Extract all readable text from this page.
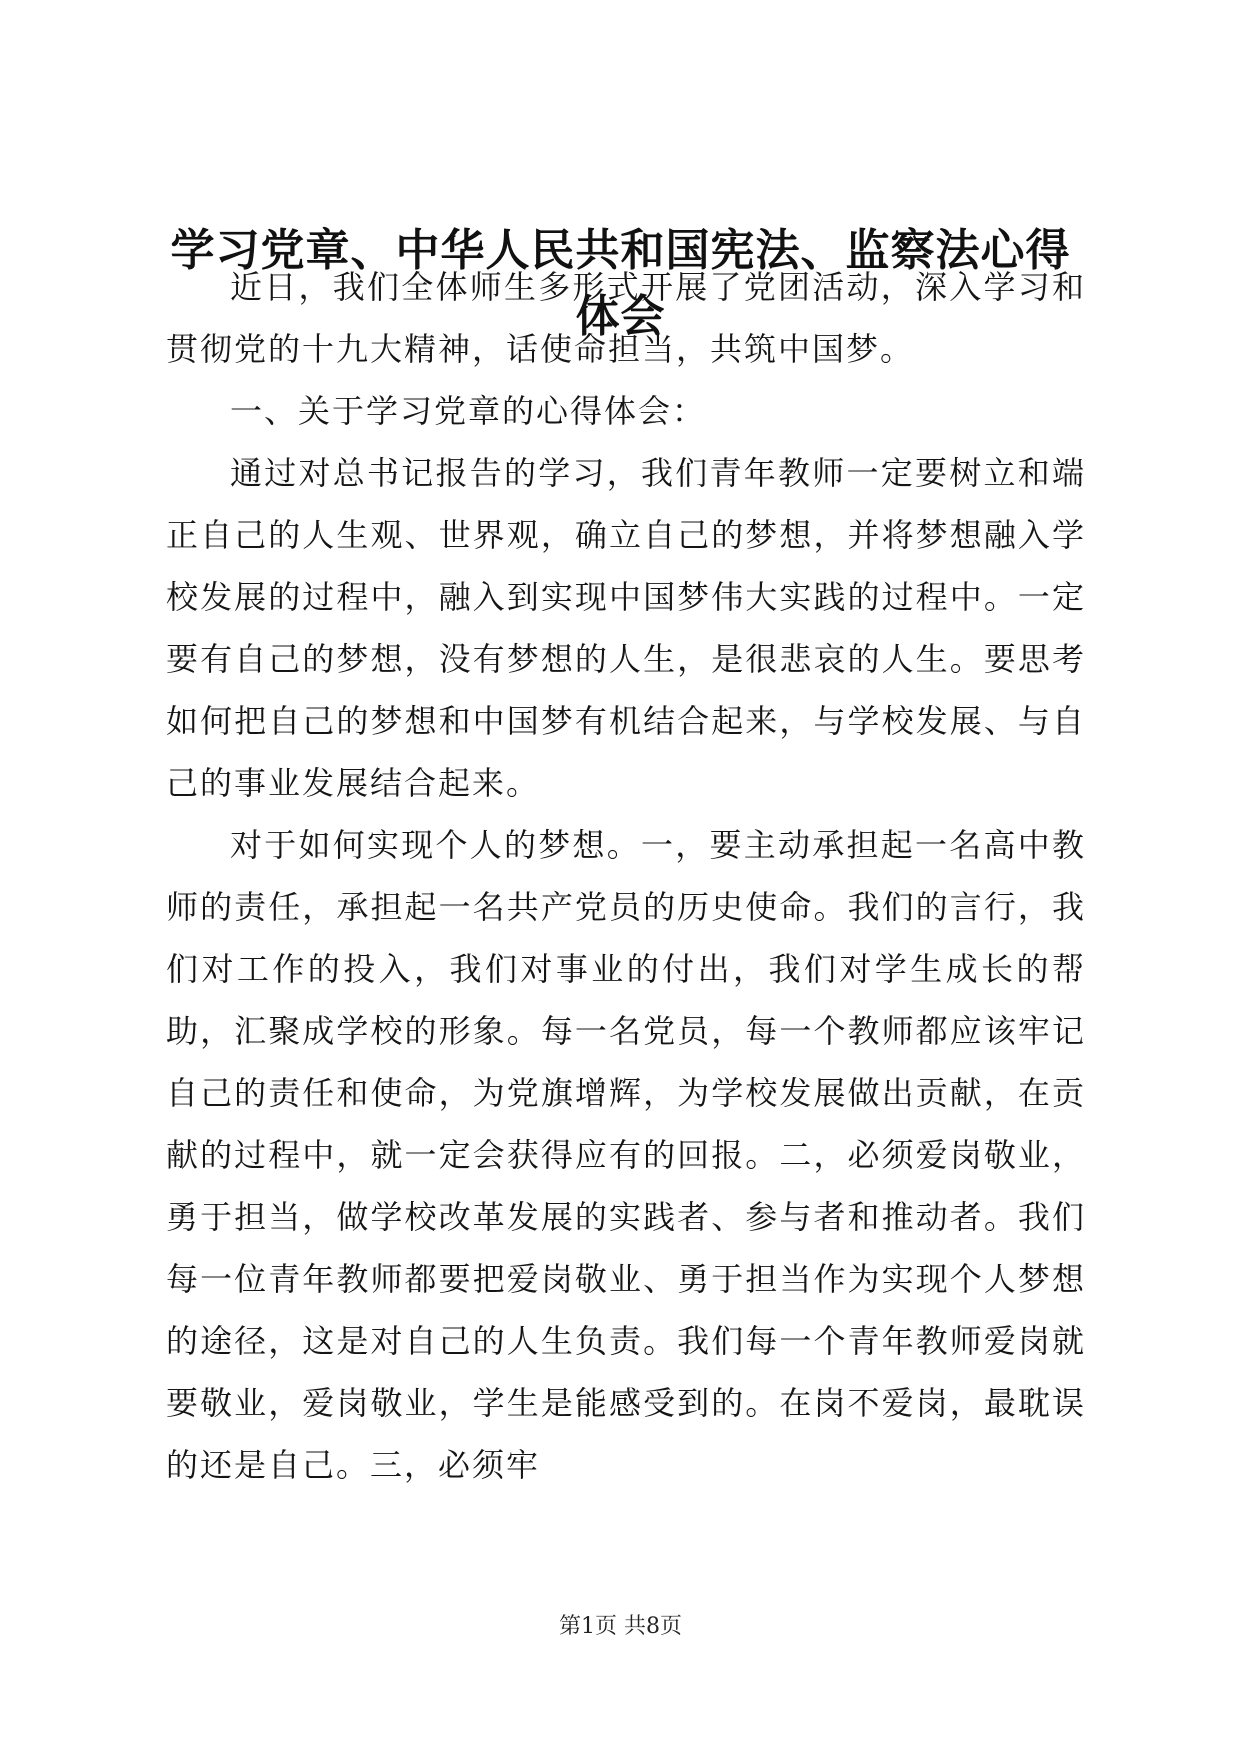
学习党章、中华人民共和国宪法、监察法心得体会

近日，我们全体师生多形式开展了党团活动，深入学习和贯彻党的十九大精神，话使命担当，共筑中国梦。

一、关于学习党章的心得体会：

通过对总书记报告的学习，我们青年教师一定要树立和端正自己的人生观、世界观，确立自己的梦想，并将梦想融入学校发展的过程中，融入到实现中国梦伟大实践的过程中。一定要有自己的梦想，没有梦想的人生，是很悲哀的人生。要思考如何把自己的梦想和中国梦有机结合起来，与学校发展、与自己的事业发展结合起来。

对于如何实现个人的梦想。一，要主动承担起一名高中教师的责任，承担起一名共产党员的历史使命。我们的言行，我们对工作的投入，我们对事业的付出，我们对学生成长的帮助，汇聚成学校的形象。每一名党员，每一个教师都应该牢记自己的责任和使命，为党旗增辉，为学校发展做出贡献，在贡献的过程中，就一定会获得应有的回报。二，必须爱岗敬业，勇于担当，做学校改革发展的实践者、参与者和推动者。我们每一位青年教师都要把爱岗敬业、勇于担当作为实现个人梦想的途径，这是对自己的人生负责。我们每一个青年教师爱岗就要敬业，爱岗敬业，学生是能感受到的。在岗不爱岗，最耽误的还是自己。三，必须牢

第1页 共8页
